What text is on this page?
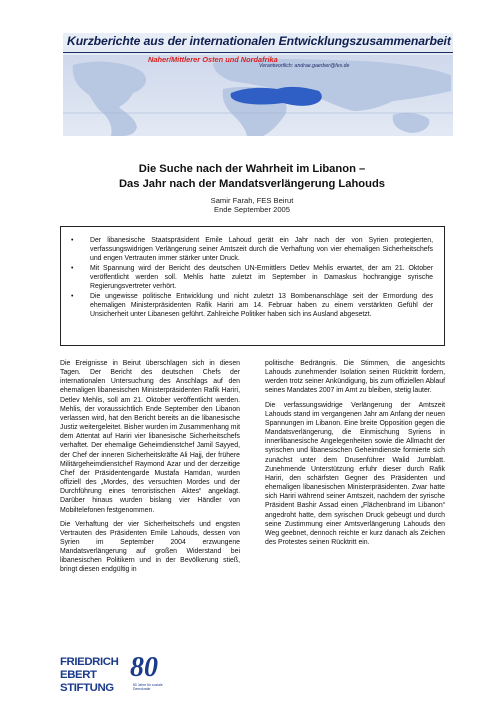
Kurzberichte aus der internationalen Entwicklungszusammenarbeit
Naher/Mittlerer Osten und Nordafrika
Verantwortlich: andrae.gaerber@fes.de
Die Suche nach der Wahrheit im Libanon –
Das Jahr nach der Mandatsverlängerung Lahouds
Samir Farah, FES Beirut
Ende September 2005
• Der libanesische Staatspräsident Emile Lahoud gerät ein Jahr nach der von Syrien protegierten, verfassungswidrigen Verlängerung seiner Amtszeit durch die Verhaftung von vier ehemaligen Sicherheitschefs und engen Vertrauten immer stärker unter Druck.
• Mit Spannung wird der Bericht des deutschen UN-Ermittlers Detlev Mehlis erwartet, der am 21. Oktober veröffentlicht werden soll. Mehlis hatte zuletzt im September in Damaskus hochrangige syrische Regierungsvertreter verhört.
• Die ungewisse politische Entwicklung und nicht zuletzt 13 Bombenanschläge seit der Ermordung des ehemaligen Ministerpräsidenten Rafik Hariri am 14. Februar haben zu einem verstärkten Gefühl der Unsicherheit unter Libanesen geführt. Zahlreiche Politiker haben sich ins Ausland abgesetzt.

Die Ereignisse in Beirut überschlagen sich in diesen Tagen. Der Bericht des deutschen Chefs der internationalen Untersuchung des Anschlags auf den ehemaligen libanesischen Ministerpräsidenten Rafik Hariri, Detlev Mehlis, soll am 21. Oktober veröffentlicht werden. Mehlis, der voraussichtlich Ende September den Libanon verlassen wird, hat den Bericht bereits an die libanesische Justiz weitergeleitet. Bisher wurden im Zusammenhang mit dem Attentat auf Hariri vier libanesische Sicherheitschefs verhaftet. Der ehemalige Geheimdienstchef Jamil Sayyed, der Chef der inneren Sicherheitskräfte Ali Hajj, der frühere Militärgeheimdienstchef Raymond Azar und der derzeitige Chef der Präsidentengarde Mustafa Hamdan, wurden offiziell des „Mordes, des versuchten Mordes und der Durchführung eines terroristischen Aktes“ angeklagt. Darüber hinaus wurden bislang vier Händler von Mobiltelefonen festgenommen.

Die Verhaftung der vier Sicherheitschefs und engsten Vertrauten des Präsidenten Emile Lahouds, dessen von Syrien im September 2004 erzwungene Mandatsverlängerung auf großen Widerstand bei libanesischen Politikern und in der Bevölkerung stieß, bringt diesen endgültig in

politische Bedrängnis. Die Stimmen, die angesichts Lahouds zunehmender Isolation seinen Rücktritt fordern, werden trotz seiner Ankündigung, bis zum offiziellen Ablauf seines Mandates 2007 im Amt zu bleiben, stetig lauter.

Die verfassungswidrige Verlängerung der Amtszeit Lahouds stand im vergangenen Jahr am Anfang der neuen Spannungen im Libanon. Eine breite Opposition gegen die Mandatsverlängerung, die Einmischung Syriens in innerlibanesische Angelegenheiten sowie die Allmacht der syrischen und libanesischen Geheimdienste formierte sich zunächst unter dem Drusenführer Walid Jumblatt. Zunehmende Unterstützung erfuhr dieser durch Rafik Hariri, den schärfsten Gegner des Präsidenten und ehemaligen libanesischen Ministerpräsidenten. Zwar hatte sich Hariri während seiner Amtszeit, nachdem der syrische Präsident Bashir Assad einen „Flächenbrand im Libanon“ angedroht hatte, dem syrischen Druck gebeugt und durch seine Zustimmung einer Amtsverlängerung Lahouds den Weg geebnet, dennoch reichte er kurz danach als Zeichen des Protestes seinen Rücktritt ein.

FRIEDRICH
EBERT
STIFTUNG
80
80 Jahre für soziale Demokratie
